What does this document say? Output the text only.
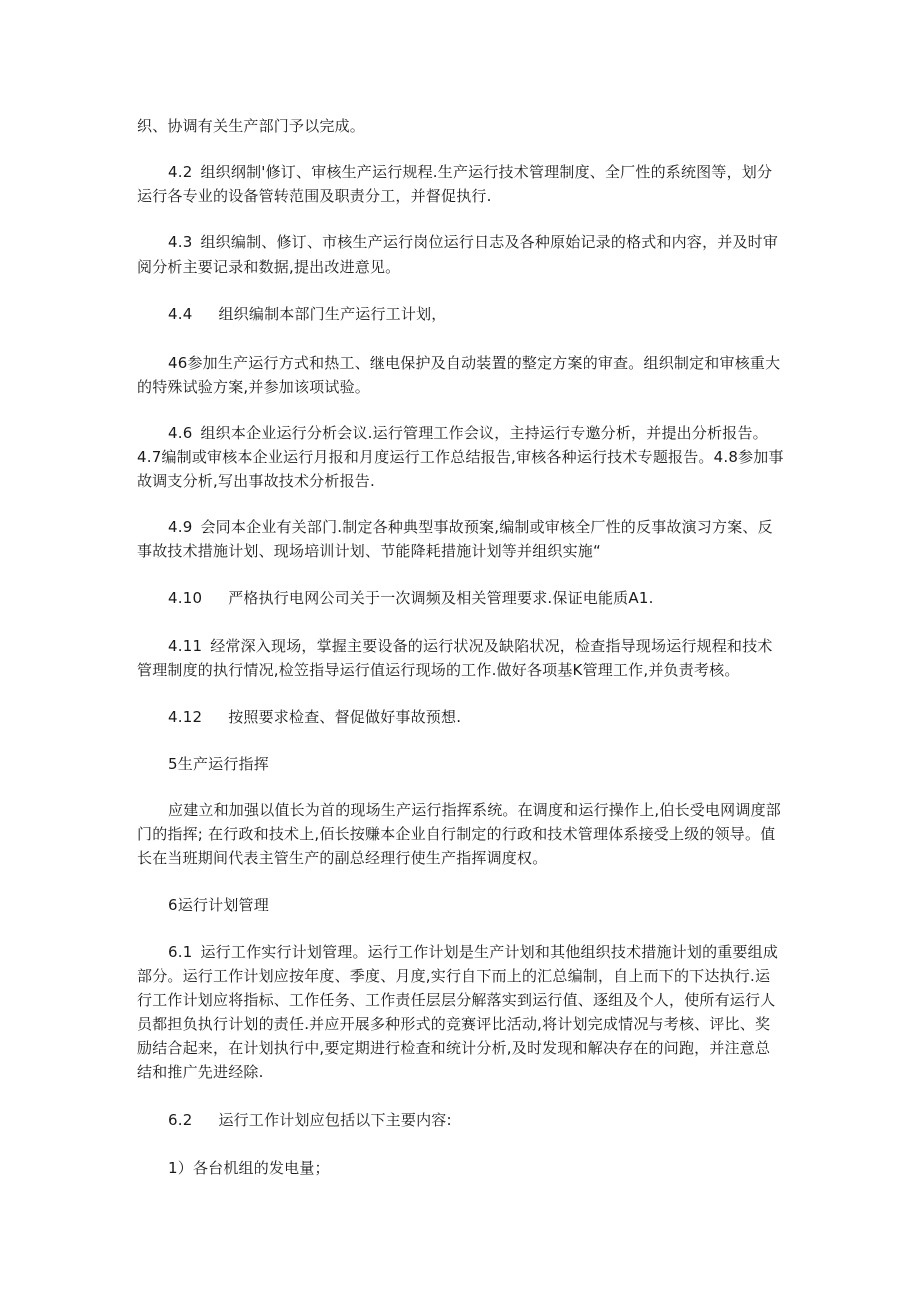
织、协调有关生产部门予以完成。
4.2 组织纲制'修订、审核生产运行规程.生产运行技术管理制度、全厂性的系统图等，划分
运行各专业的设备管转范围及职责分工，并督促执行.
4.3 组织编制、修订、市核生产运行岗位运行日志及各种原始记录的格式和内容，并及时审
阅分析主要记录和数据,提出改进意见。
4.4 组织编制本部门生产运行工计划，
46参加生产运行方式和热工、继电保护及自动装置的整定方案的审查。组织制定和审核重大
的特殊试验方案,并参加该项试验。
4.6 组织本企业运行分析会议.运行管理工作会议，主持运行专邀分析，并提出分析报告。
4.7编制或审核本企业运行月报和月度运行工作总结报告,审核各种运行技术专题报告。4.8参加事
故调支分析,写出事故技术分析报告.
4.9 会同本企业有关部门.制定各种典型事故预案,编制或审核全厂性的反事故演习方案、反
事故技术措施计划、现场培训计划、节能降耗措施计划等并组织实施“
4.10 严格执行电网公司关于一次调频及相关管理要求.保证电能质A1.
4.11 经常深入现场，掌握主要设备的运行状况及缺陷状况，检查指导现场运行规程和技术
管理制度的执行情况,检笠指导运行值运行现场的工作.做好各项基K管理工作,并负责考核。
4.12 按照要求检查、督促做好事故预想.
5生产运行指挥
应建立和加强以值长为首的现场生产运行指挥系统。在调度和运行操作上,伯长受电网调度部
门的指挥; 在行政和技术上,佰长按赚本企业自行制定的行政和技术管理体系接受上级的领导。值
长在当班期间代表主管生产的副总经理行使生产指挥调度权。
6运行计划管理
6.1 运行工作实行计划管理。运行工作计划是生产计划和其他组织技术措施计划的重要组成
部分。运行工作计划应按年度、季度、月度,实行自下而上的汇总编制，自上而下的下达执行.运
行工作计划应将指标、工作任务、工作责任层层分解落实到运行值、逐组及个人，使所有运行人
员都担负执行计划的责任.并应开展多种形式的竞赛评比活动,将计划完成情况与考核、评比、奖
励结合起来，在计划执行中,要定期进行检查和统计分析,及时发现和解决存在的问跑，并注意总
结和推广先进经除.
6.2 运行工作计划应包括以下主要内容:
1）各台机组的发电量；
